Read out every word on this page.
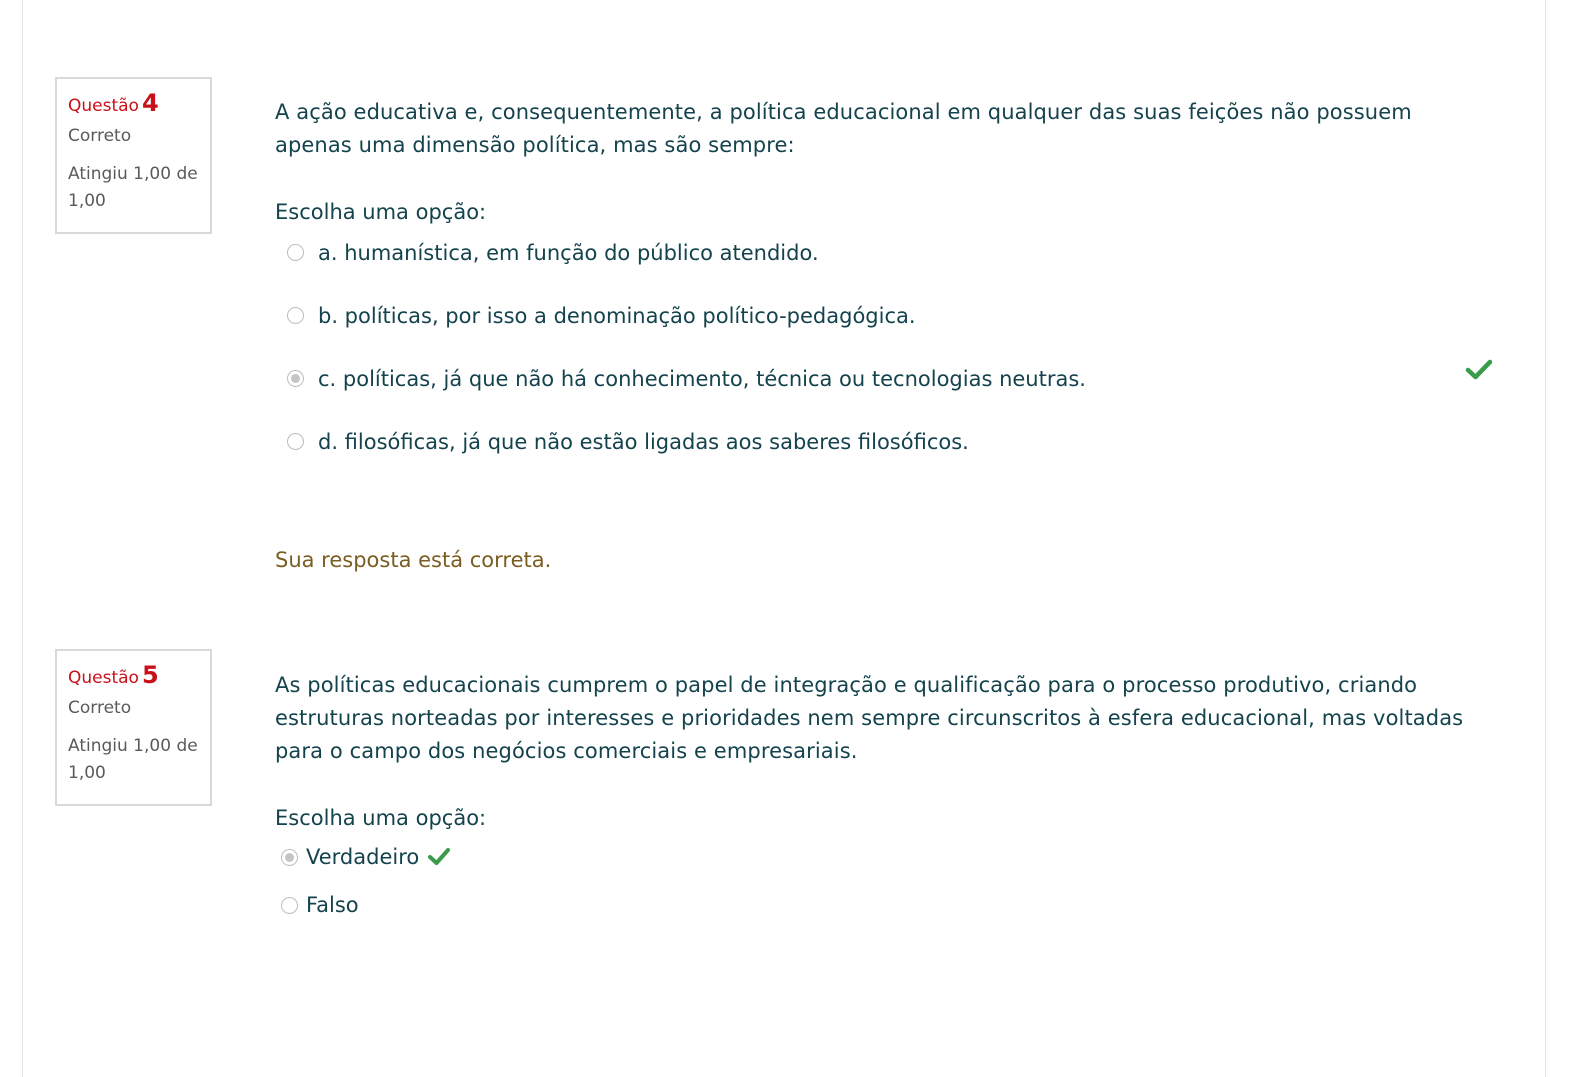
Questão 4
Correto
Atingiu 1,00 de 1,00
A ação educativa e, consequentemente, a política educacional em qualquer das suas feições não possuem apenas uma dimensão política, mas são sempre:
Escolha uma opção:
a. humanística, em função do público atendido.
b. políticas, por isso a denominação político-pedagógica.
c. políticas, já que não há conhecimento, técnica ou tecnologias neutras.
d. filosóficas, já que não estão ligadas aos saberes filosóficos.
Sua resposta está correta.
Questão 5
Correto
Atingiu 1,00 de 1,00
As políticas educacionais cumprem o papel de integração e qualificação para o processo produtivo, criando estruturas norteadas por interesses e prioridades nem sempre circunscritos à esfera educacional, mas voltadas para o campo dos negócios comerciais e empresariais.
Escolha uma opção:
Verdadeiro
Falso
